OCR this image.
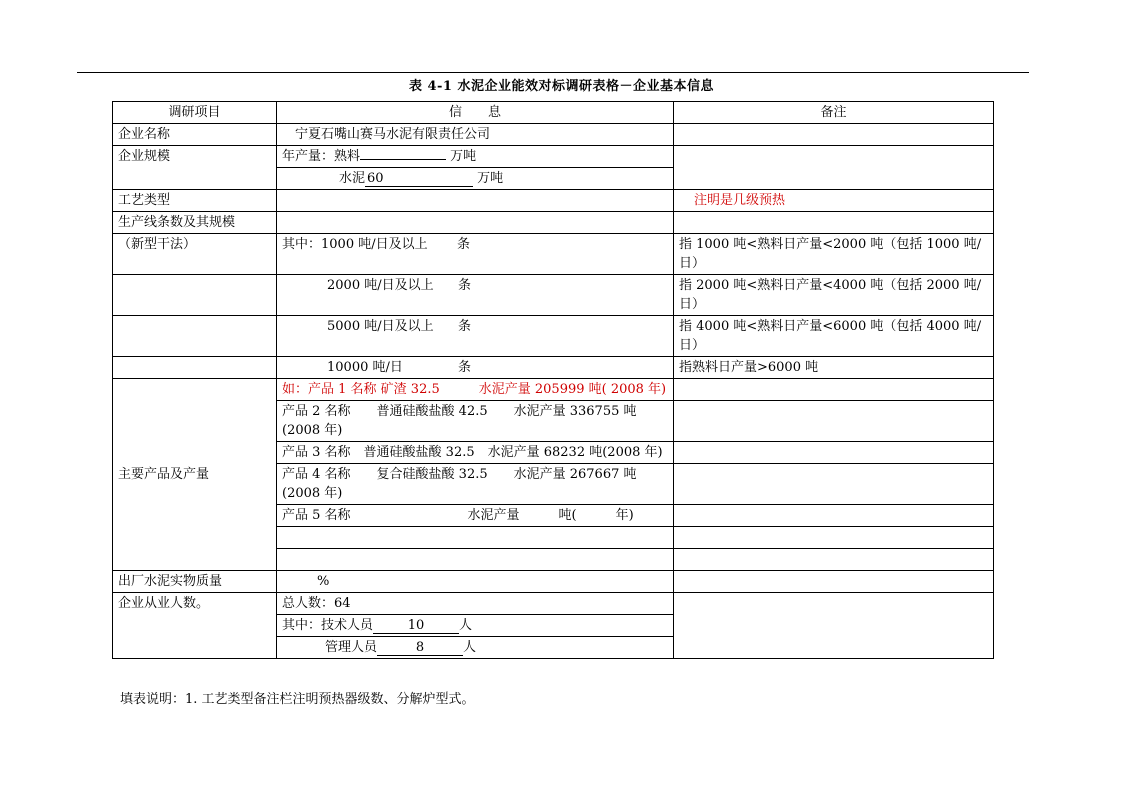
表 4-1 水泥企业能效对标调研表格－企业基本信息
调研项目	信　　息	备注
企业名称	宁夏石嘴山赛马水泥有限责任公司	
企业规模	年产量：熟料 万吨	
	水泥 60 万吨	
工艺类型		注明是几级预热
生产线条数及其规模		
（新型干法）	其中：1000 吨/日及以上 条	指 1000 吨<熟料日产量<2000 吨（包括 1000 吨/日）
	2000 吨/日及以上 条	指 2000 吨<熟料日产量<4000 吨（包括 2000 吨/日）
	5000 吨/日及以上 条	指 4000 吨<熟料日产量<6000 吨（包括 4000 吨/日）
	10000 吨/日 条	指熟料日产量>6000 吨
主要产品及产量	如：产品 1 名称 矿渣 32.5　　　水泥产量 205999 吨( 2008 年)	
	产品 2 名称　　普通硅酸盐酸 42.5　　水泥产量 336755 吨(2008 年)	
	产品 3 名称　普通硅酸盐酸 32.5　水泥产量 68232 吨(2008 年)	
	产品 4 名称　　复合硅酸盐酸 32.5　　水泥产量 267667 吨(2008 年)	
	产品 5 名称　　　　　　　　　水泥产量　　　吨(　　　年)	

出厂水泥实物质量	%	
企业从业人数。	总人数：64	
	其中：技术人员 10 人	
	管理人员 8 人	
填表说明：1. 工艺类型备注栏注明预热器级数、分解炉型式。
